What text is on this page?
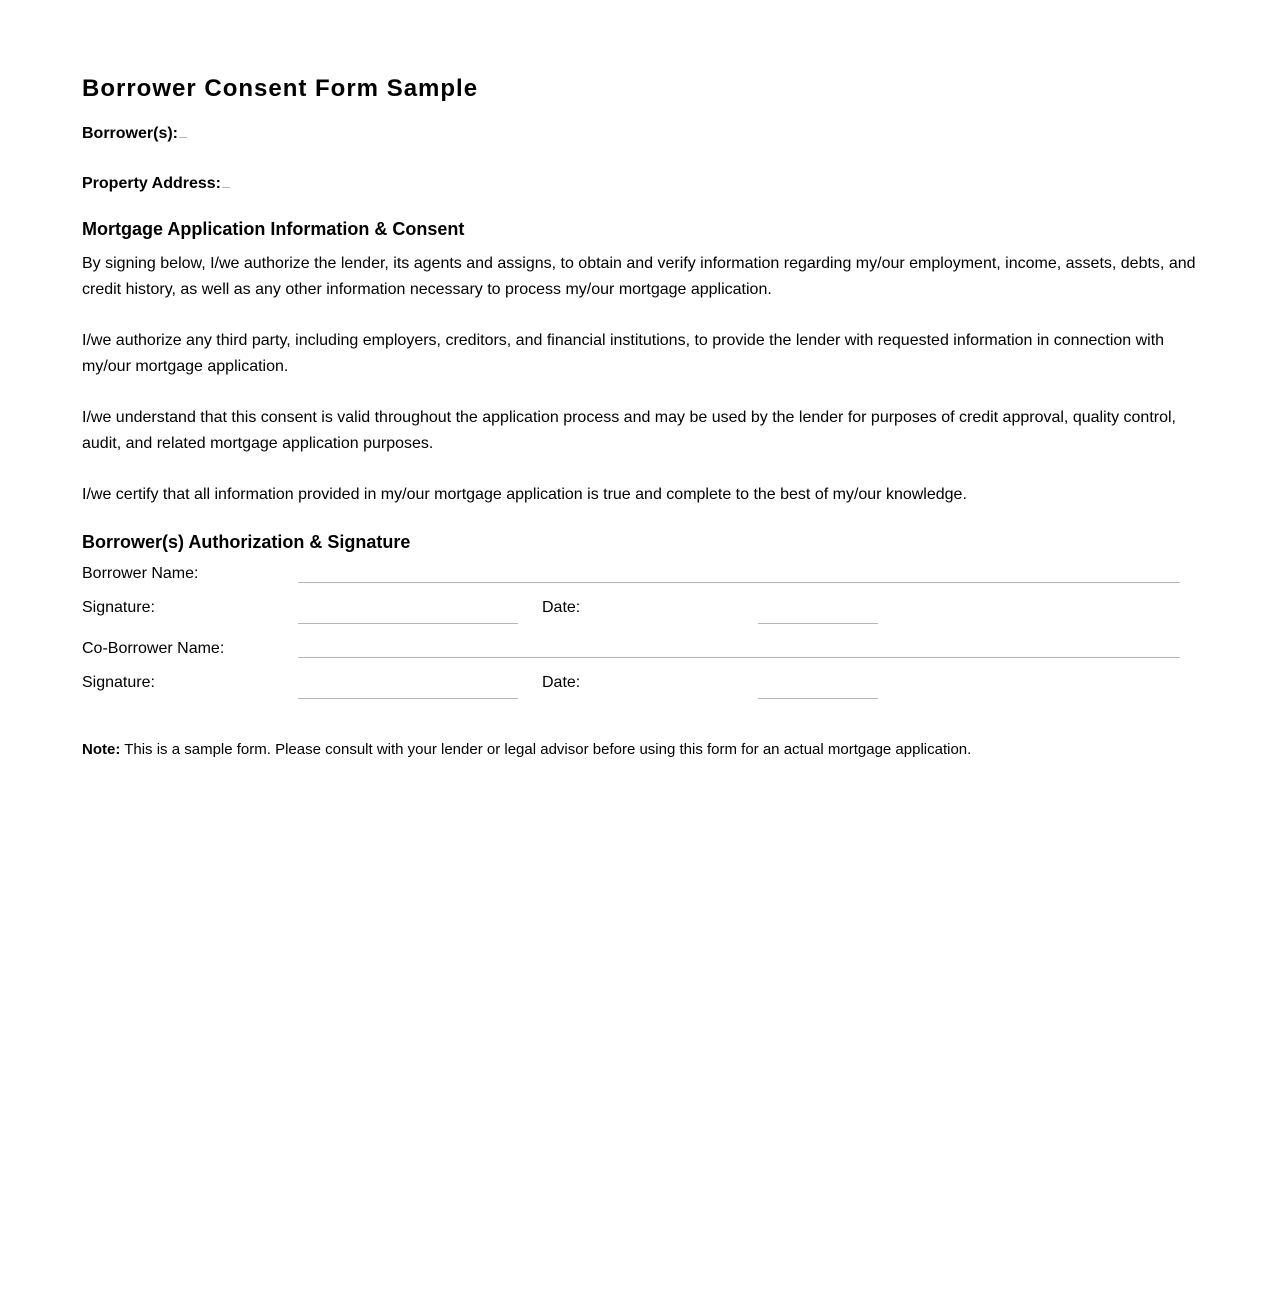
Borrower Consent Form Sample
Borrower(s):
Property Address:
Mortgage Application Information & Consent

By signing below, I/we authorize the lender, its agents and assigns, to obtain and verify information regarding my/our employment, income, assets, debts, and credit history, as well as any other information necessary to process my/our mortgage application.

I/we authorize any third party, including employers, creditors, and financial institutions, to provide the lender with requested information in connection with my/our mortgage application.

I/we understand that this consent is valid throughout the application process and may be used by the lender for purposes of credit approval, quality control, audit, and related mortgage application purposes.

I/we certify that all information provided in my/our mortgage application is true and complete to the best of my/our knowledge.

Borrower(s) Authorization & Signature
Borrower Name:
Signature:	Date:
Co-Borrower Name:
Signature:	Date:
Note: This is a sample form. Please consult with your lender or legal advisor before using this form for an actual mortgage application.
